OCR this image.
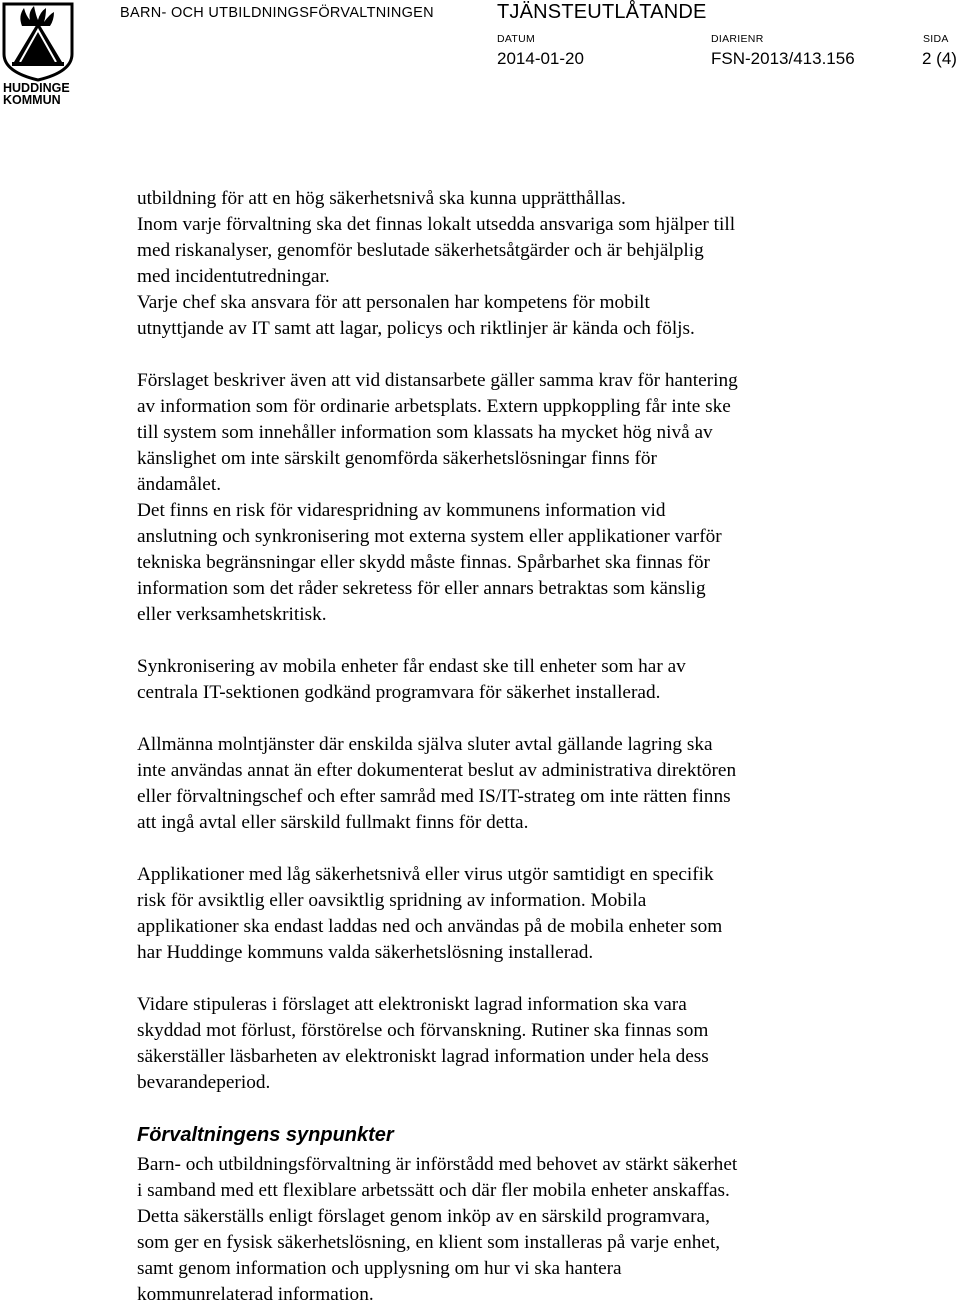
HUDDINGE
KOMMUN
BARN- OCH UTBILDNINGSFÖRVALTNINGEN	TJÄNSTEUTLÅTANDE
DATUM	DIARIENR	SIDA
2014-01-20	FSN-2013/413.156	2 (4)

utbildning för att en hög säkerhetsnivå ska kunna upprätthållas.
Inom varje förvaltning ska det finnas lokalt utsedda ansvariga som hjälper till
med riskanalyser, genomför beslutade säkerhetsåtgärder och är behjälplig
med incidentutredningar.
Varje chef ska ansvara för att personalen har kompetens för mobilt
utnyttjande av IT samt att lagar, policys och riktlinjer är kända och följs.

Förslaget beskriver även att vid distansarbete gäller samma krav för hantering
av information som för ordinarie arbetsplats. Extern uppkoppling får inte ske
till system som innehåller information som klassats ha mycket hög nivå av
känslighet om inte särskilt genomförda säkerhetslösningar finns för
ändamålet.
Det finns en risk för vidarespridning av kommunens information vid
anslutning och synkronisering mot externa system eller applikationer varför
tekniska begränsningar eller skydd måste finnas. Spårbarhet ska finnas för
information som det råder sekretess för eller annars betraktas som känslig
eller verksamhetskritisk.

Synkronisering av mobila enheter får endast ske till enheter som har av
centrala IT-sektionen godkänd programvara för säkerhet installerad.

Allmänna molntjänster där enskilda själva sluter avtal gällande lagring ska
inte användas annat än efter dokumenterat beslut av administrativa direktören
eller förvaltningschef och efter samråd med IS/IT-strateg om inte rätten finns
att ingå avtal eller särskild fullmakt finns för detta.

Applikationer med låg säkerhetsnivå eller virus utgör samtidigt en specifik
risk för avsiktlig eller oavsiktlig spridning av information. Mobila
applikationer ska endast laddas ned och användas på de mobila enheter som
har Huddinge kommuns valda säkerhetslösning installerad.

Vidare stipuleras i förslaget att elektroniskt lagrad information ska vara
skyddad mot förlust, förstörelse och förvanskning. Rutiner ska finnas som
säkerställer läsbarheten av elektroniskt lagrad information under hela dess
bevarandeperiod.

Förvaltningens synpunkter

Barn- och utbildningsförvaltning är införstådd med behovet av stärkt säkerhet
i samband med ett flexiblare arbetssätt och där fler mobila enheter anskaffas.
Detta säkerställs enligt förslaget genom inköp av en särskild programvara,
som ger en fysisk säkerhetslösning, en klient som installeras på varje enhet,
samt genom information och upplysning om hur vi ska hantera
kommunrelaterad information.
